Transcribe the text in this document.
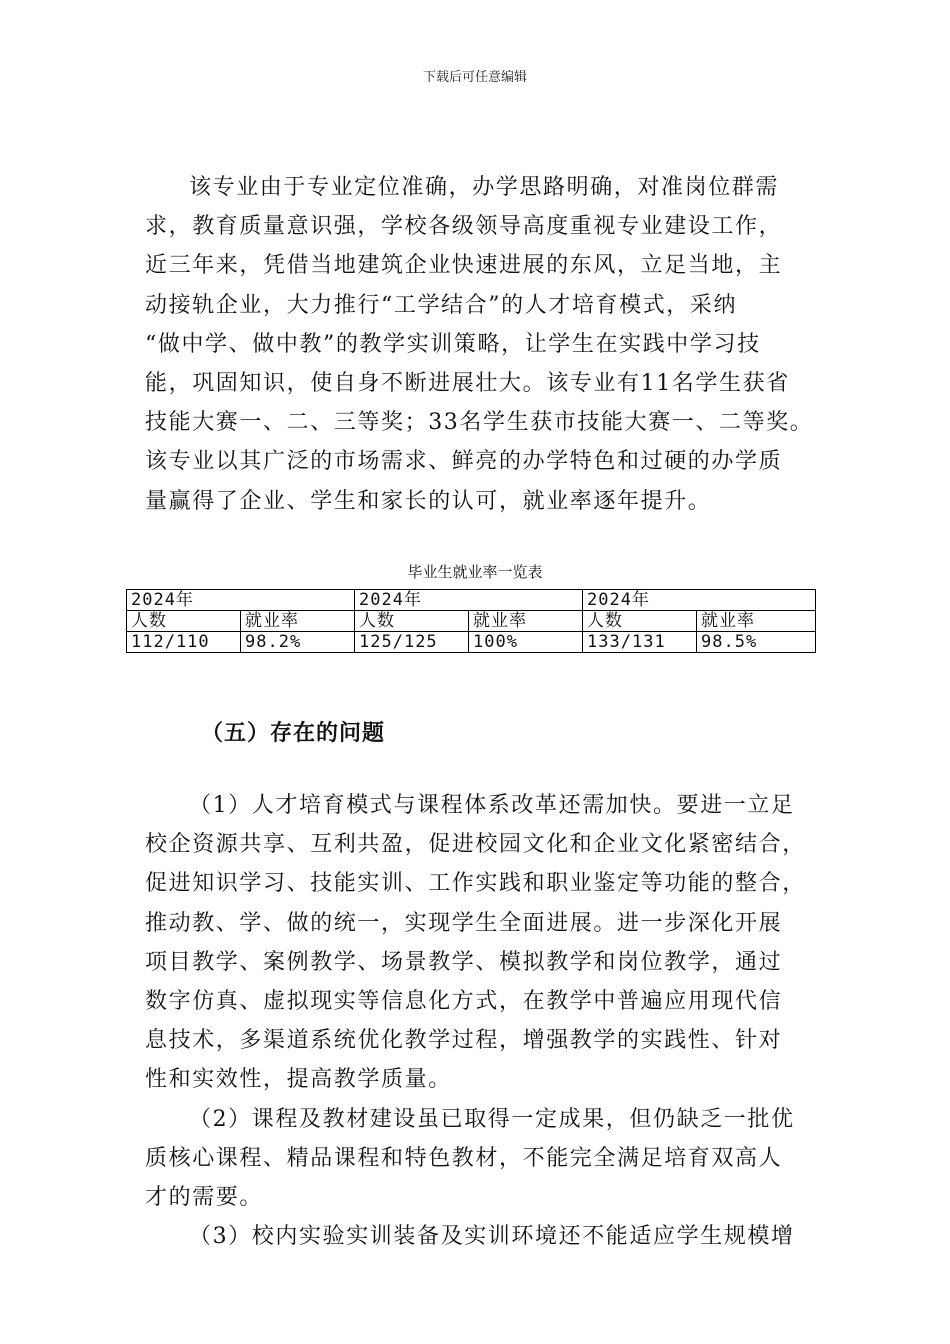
下载后可任意编辑
该专业由于专业定位准确，办学思路明确，对准岗位群需
求，教育质量意识强，学校各级领导高度重视专业建设工作，
近三年来，凭借当地建筑企业快速进展的东风，立足当地，主
动接轨企业，大力推行“工学结合”的人才培育模式，采纳
“做中学、做中教”的教学实训策略，让学生在实践中学习技
能，巩固知识，使自身不断进展壮大。该专业有11名学生获省
技能大赛一、二、三等奖；33名学生获市技能大赛一、二等奖。
该专业以其广泛的市场需求、鲜亮的办学特色和过硬的办学质
量赢得了企业、学生和家长的认可，就业率逐年提升。
毕业生就业率一览表
2024年		2024年		2024年	
人数	就业率	人数	就业率	人数	就业率
112/110	98.2%	125/125	100%	133/131	98.5%
（五）存在的问题
（1）人才培育模式与课程体系改革还需加快。要进一立足
校企资源共享、互利共盈，促进校园文化和企业文化紧密结合，
促进知识学习、技能实训、工作实践和职业鉴定等功能的整合，
推动教、学、做的统一，实现学生全面进展。进一步深化开展
项目教学、案例教学、场景教学、模拟教学和岗位教学，通过
数字仿真、虚拟现实等信息化方式，在教学中普遍应用现代信
息技术，多渠道系统优化教学过程，增强教学的实践性、针对
性和实效性，提高教学质量。
（2）课程及教材建设虽已取得一定成果，但仍缺乏一批优
质核心课程、精品课程和特色教材，不能完全满足培育双高人
才的需要。
（3）校内实验实训装备及实训环境还不能适应学生规模增
